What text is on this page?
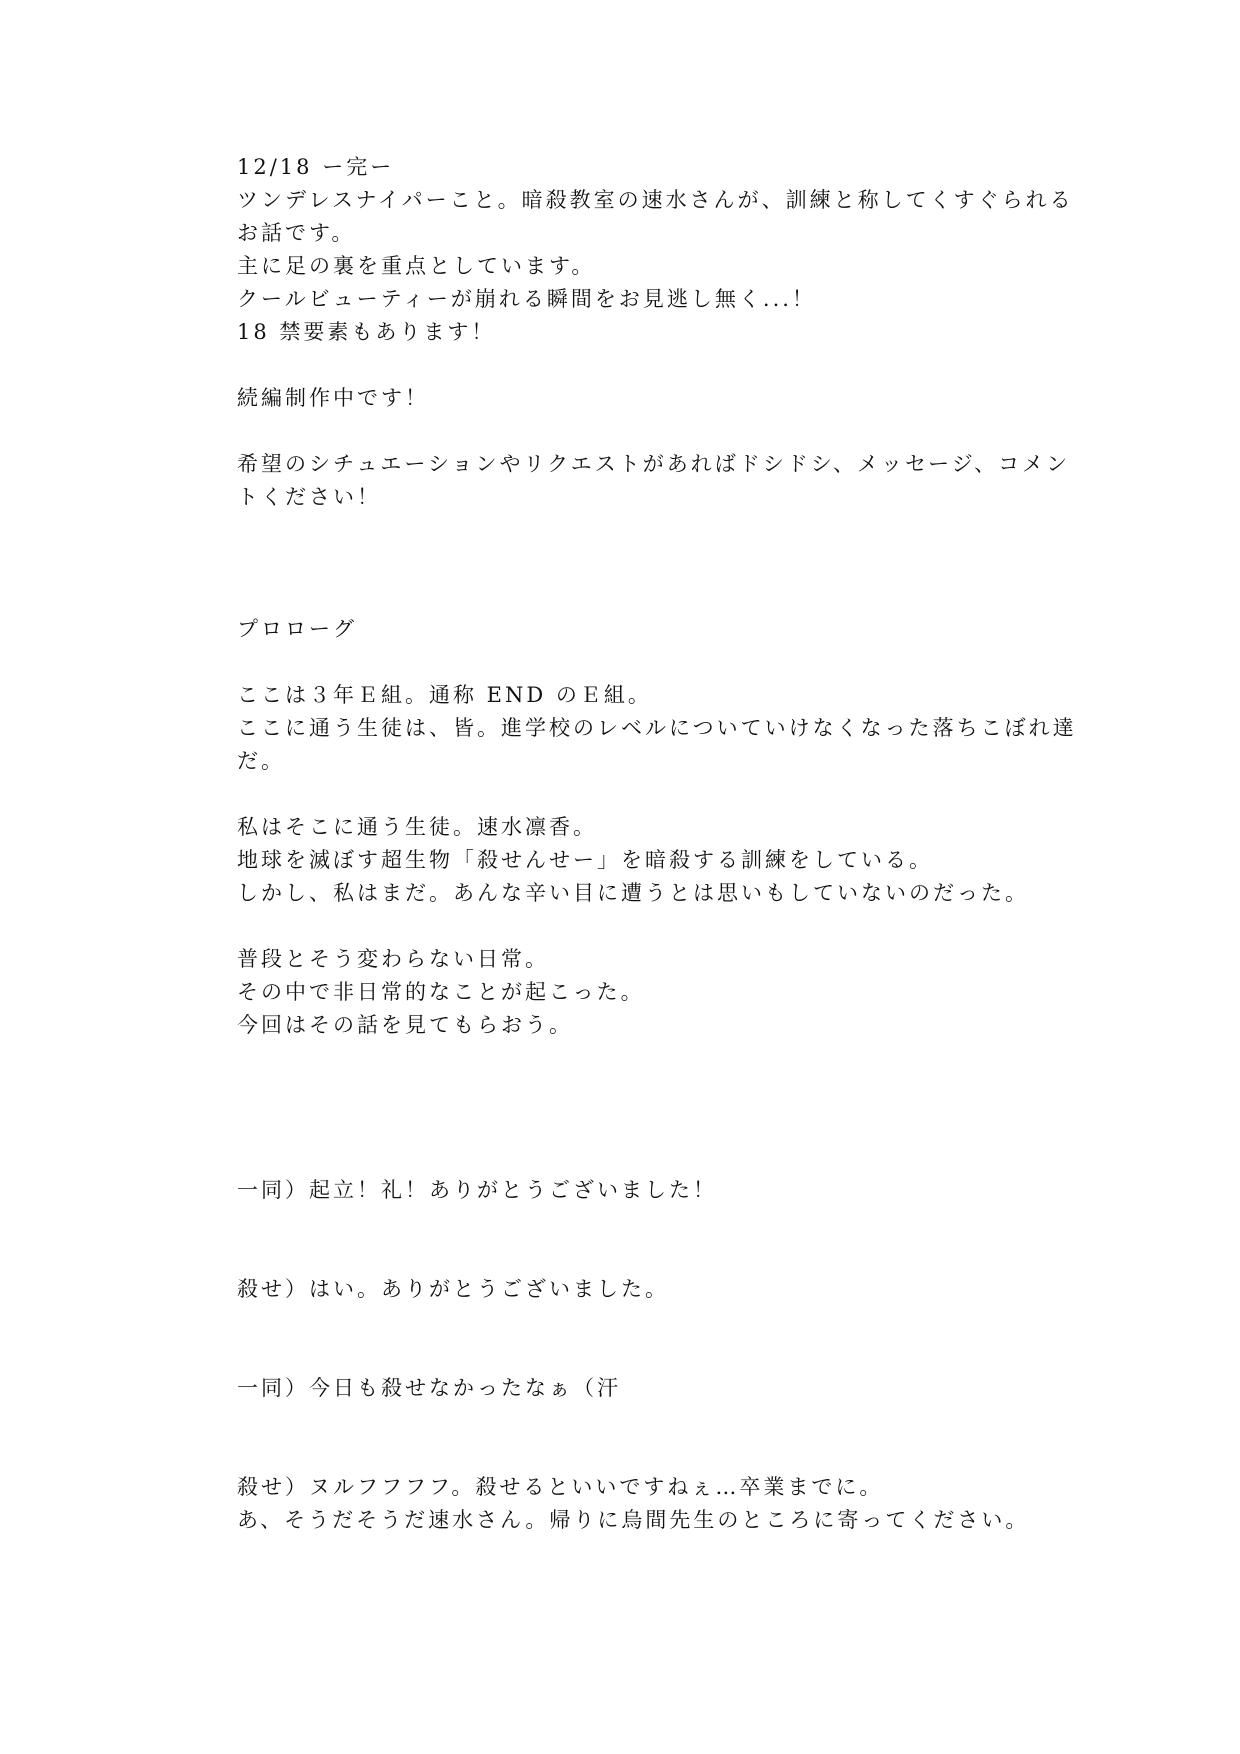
12/18 ー完ー

ツンデレスナイパーこと。暗殺教室の速水さんが、訓練と称してくすぐられる

お話です。

主に足の裏を重点としています。

クールビューティーが崩れる瞬間をお見逃し無く...！

18 禁要素もあります！

続編制作中です！

希望のシチュエーションやリクエストがあればドシドシ、メッセージ、コメン

トください！

プロローグ

ここは３年Ｅ組。通称 END のＥ組。

ここに通う生徒は、皆。進学校のレベルについていけなくなった落ちこぼれ達

だ。

私はそこに通う生徒。速水凛香。

地球を滅ぼす超生物「殺せんせー」を暗殺する訓練をしている。

しかし、私はまだ。あんな辛い目に遭うとは思いもしていないのだった。

普段とそう変わらない日常。

その中で非日常的なことが起こった。

今回はその話を見てもらおう。

一同）起立！礼！ありがとうございました！

殺せ）はい。ありがとうございました。

一同）今日も殺せなかったなぁ（汗

殺せ）ヌルフフフフ。殺せるといいですねぇ…卒業までに。

あ、そうだそうだ速水さん。帰りに烏間先生のところに寄ってください。
